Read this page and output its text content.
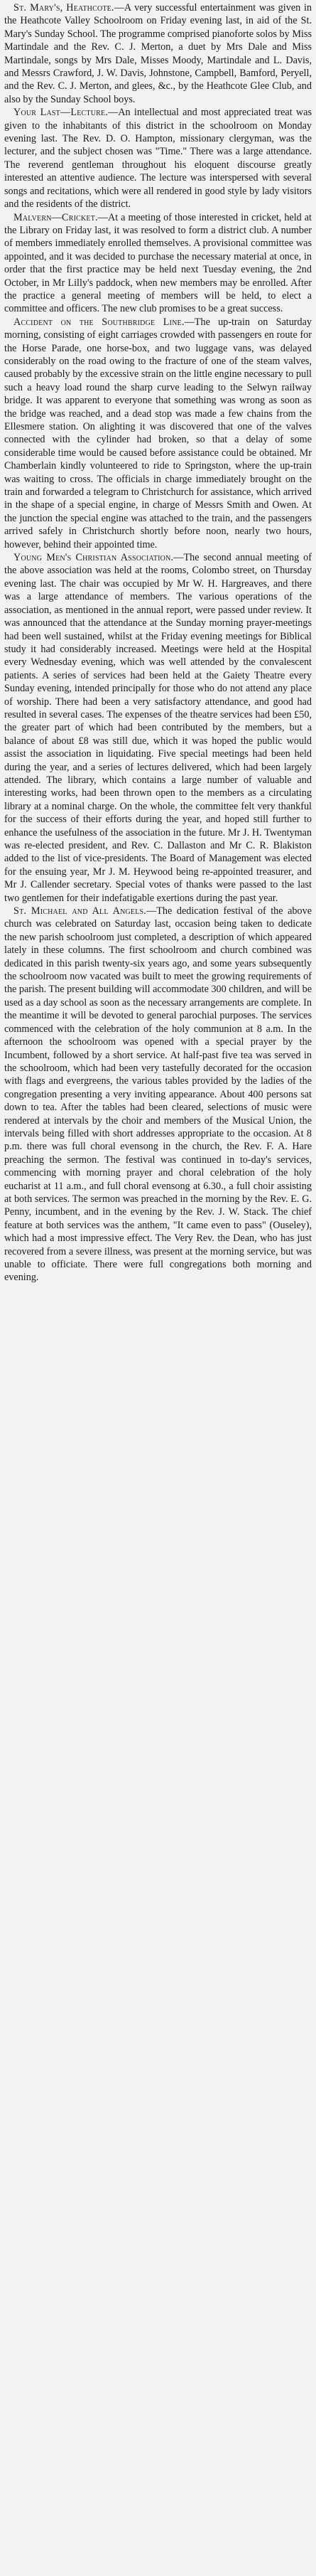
St. Mary's, Heathcote.—A very successful entertainment was given in the Heathcote Valley Schoolroom on Friday evening last, in aid of the St. Mary's Sunday School. The programme comprised pianoforte solos by Miss Martindale and the Rev. C. J. Merton, a duet by Mrs Dale and Miss Martindale, songs by Mrs Dale, Misses Moody, Martindale and L. Davis, and Messrs Crawford, J. W. Davis, Johnstone, Campbell, Bamford, Peryell, and the Rev. C. J. Merton, and glees, &c., by the Heathcote Glee Club, and also by the Sunday School boys.

Your Last—Lecture.—An intellectual and most appreciated treat was given to the inhabitants of this district in the schoolroom on Monday evening last. The Rev. D. O. Hampton, missionary clergyman, was the lecturer, and the subject chosen was "Time." There was a large attendance. The reverend gentleman throughout his eloquent discourse greatly interested an attentive audience. The lecture was interspersed with several songs and recitations, which were all rendered in good style by lady visitors and the residents of the district.

Malvern—Cricket.—At a meeting of those interested in cricket, held at the Library on Friday last, it was resolved to form a district club. A number of members immediately enrolled themselves. A provisional committee was appointed, and it was decided to purchase the necessary material at once, in order that the first practice may be held next Tuesday evening, the 2nd October, in Mr Lilly's paddock, when new members may be enrolled. After the practice a general meeting of members will be held, to elect a committee and officers. The new club promises to be a great success.

Accident on the Southbridge Line.—The up-train on Saturday morning, consisting of eight carriages crowded with passengers en route for the Horse Parade, one horse-box, and two luggage vans, was delayed considerably on the road owing to the fracture of one of the steam valves, caused probably by the excessive strain on the little engine necessary to pull such a heavy load round the sharp curve leading to the Selwyn railway bridge. It was apparent to everyone that something was wrong as soon as the bridge was reached, and a dead stop was made a few chains from the Ellesmere station. On alighting it was discovered that one of the valves connected with the cylinder had broken, so that a delay of some considerable time would be caused before assistance could be obtained. Mr Chamberlain kindly volunteered to ride to Springston, where the up-train was waiting to cross. The officials in charge immediately brought on the train and forwarded a telegram to Christchurch for assistance, which arrived in the shape of a special engine, in charge of Messrs Smith and Owen. At the junction the special engine was attached to the train, and the passengers arrived safely in Christchurch shortly before noon, nearly two hours, however, behind their appointed time.

Young Men's Christian Association.—The second annual meeting of the above association was held at the rooms, Colombo street, on Thursday evening last. The chair was occupied by Mr W. H. Hargreaves, and there was a large attendance of members. The various operations of the association, as mentioned in the annual report, were passed under review. It was announced that the attendance at the Sunday morning prayer-meetings had been well sustained, whilst at the Friday evening meetings for Biblical study it had considerably increased. Meetings were held at the Hospital every Wednesday evening, which was well attended by the convalescent patients. A series of services had been held at the Gaiety Theatre every Sunday evening, intended principally for those who do not attend any place of worship. There had been a very satisfactory attendance, and good had resulted in several cases. The expenses of the theatre services had been £50, the greater part of which had been contributed by the members, but a balance of about £8 was still due, which it was hoped the public would assist the association in liquidating. Five special meetings had been held during the year, and a series of lectures delivered, which had been largely attended. The library, which contains a large number of valuable and interesting works, had been thrown open to the members as a circulating library at a nominal charge. On the whole, the committee felt very thankful for the success of their efforts during the year, and hoped still further to enhance the usefulness of the association in the future. Mr J. H. Twentyman was re-elected president, and Rev. C. Dallaston and Mr C. R. Blakiston added to the list of vice-presidents. The Board of Management was elected for the ensuing year, Mr J. M. Heywood being re-appointed treasurer, and Mr J. Callender secretary. Special votes of thanks were passed to the last two gentlemen for their indefatigable exertions during the past year.

St. Michael and All Angels.—The dedication festival of the above church was celebrated on Saturday last, occasion being taken to dedicate the new parish schoolroom just completed, a description of which appeared lately in these columns. The first schoolroom and church combined was dedicated in this parish twenty-six years ago, and some years subsequently the schoolroom now vacated was built to meet the growing requirements of the parish. The present building will accommodate 300 children, and will be used as a day school as soon as the necessary arrangements are complete. In the meantime it will be devoted to general parochial purposes. The services commenced with the celebration of the holy communion at 8 a.m. In the afternoon the schoolroom was opened with a special prayer by the Incumbent, followed by a short service. At half-past five tea was served in the schoolroom, which had been very tastefully decorated for the occasion with flags and evergreens, the various tables provided by the ladies of the congregation presenting a very inviting appearance. About 400 persons sat down to tea. After the tables had been cleared, selections of music were rendered at intervals by the choir and members of the Musical Union, the intervals being filled with short addresses appropriate to the occasion. At 8 p.m. there was full choral evensong in the church, the Rev. F. A. Hare preaching the sermon. The festival was continued in to-day's services, commencing with morning prayer and choral celebration of the holy eucharist at 11 a.m., and full choral evensong at 6.30., a full choir assisting at both services. The sermon was preached in the morning by the Rev. E. G. Penny, incumbent, and in the evening by the Rev. J. W. Stack. The chief feature at both services was the anthem, "It came even to pass" (Ouseley), which had a most impressive effect. The Very Rev. the Dean, who has just recovered from a severe illness, was present at the morning service, but was unable to officiate. There were full congregations both morning and evening.
